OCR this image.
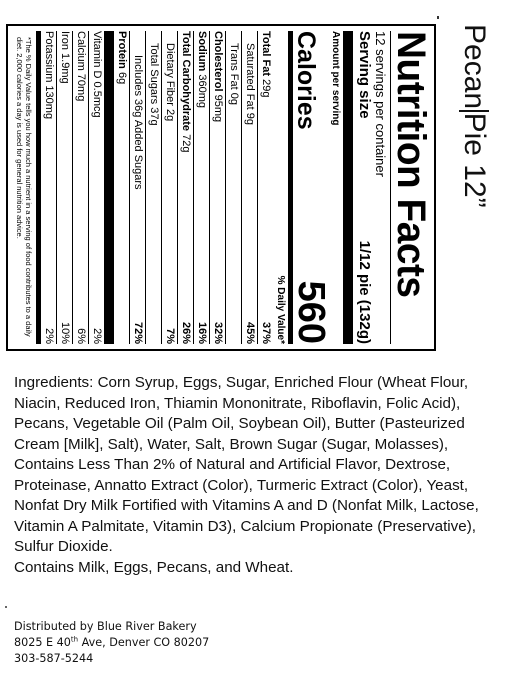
Nutrition Facts
12 servings per container
Serving size
1/12 pie (132g)
Amount per serving
Calories
560
% Daily Value*
Total Fat 29g
37%
Saturated Fat 9g
45%
Trans Fat 0g
Cholesterol 95mg
32%
Sodium 360mg
16%
Total Carbohydrate 72g
26%
Dietary Fiber 2g
7%
Total Sugars 37g
Includes 36g Added Sugars
72%
Protein 6g
Vitamin D 0.5mcg
2%
Calcium 70mg
6%
Iron 1.9mg
10%
Potassium 130mg
2%
*The % Daily Value tells you how much a nutrient in a serving of food contributes to a daily diet. 2,000 calories a day is used for general nutrition advice.	Pecan
Pie 12”
Ingredients: Corn Syrup, Eggs, Sugar, Enriched Flour (Wheat Flour,
Niacin, Reduced Iron, Thiamin Mononitrate, Riboflavin, Folic Acid),
Pecans, Vegetable Oil (Palm Oil, Soybean Oil), Butter (Pasteurized
Cream [Milk], Salt), Water, Salt, Brown Sugar (Sugar, Molasses),
Contains Less Than 2% of Natural and Artificial Flavor, Dextrose,
Proteinase, Annatto Extract (Color), Turmeric Extract (Color), Yeast,
Nonfat Dry Milk Fortified with Vitamins A and D (Nonfat Milk, Lactose,
Vitamin A Palmitate, Vitamin D3), Calcium Propionate (Preservative),
Sulfur Dioxide.
Contains Milk, Eggs, Pecans, and Wheat.
Distributed by Blue River Bakery
8025 E 40th Ave, Denver CO 80207
303-587-5244
